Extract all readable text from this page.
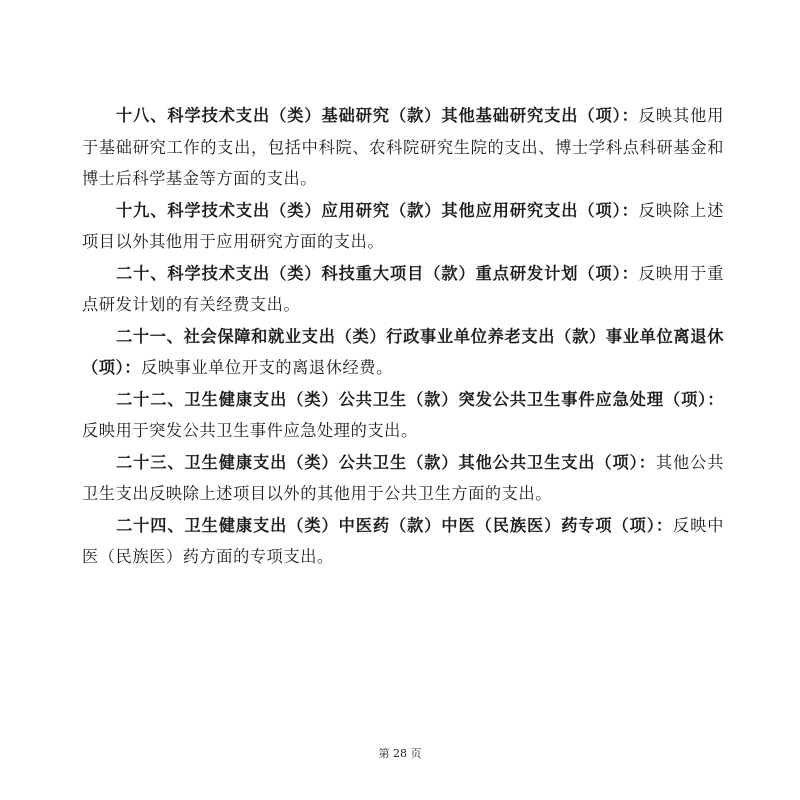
十八、科学技术支出（类）基础研究（款）其他基础研究支出（项）：反映其他用于基础研究工作的支出，包括中科院、农科院研究生院的支出、博士学科点科研基金和博士后科学基金等方面的支出。

十九、科学技术支出（类）应用研究（款）其他应用研究支出（项）：反映除上述项目以外其他用于应用研究方面的支出。

二十、科学技术支出（类）科技重大项目（款）重点研发计划（项）：反映用于重点研发计划的有关经费支出。

二十一、社会保障和就业支出（类）行政事业单位养老支出（款）事业单位离退休（项）：反映事业单位开支的离退休经费。

二十二、卫生健康支出（类）公共卫生（款）突发公共卫生事件应急处理（项）：反映用于突发公共卫生事件应急处理的支出。

二十三、卫生健康支出（类）公共卫生（款）其他公共卫生支出（项）：其他公共卫生支出反映除上述项目以外的其他用于公共卫生方面的支出。

二十四、卫生健康支出（类）中医药（款）中医（民族医）药专项（项）：反映中医（民族医）药方面的专项支出。

第 28 页
